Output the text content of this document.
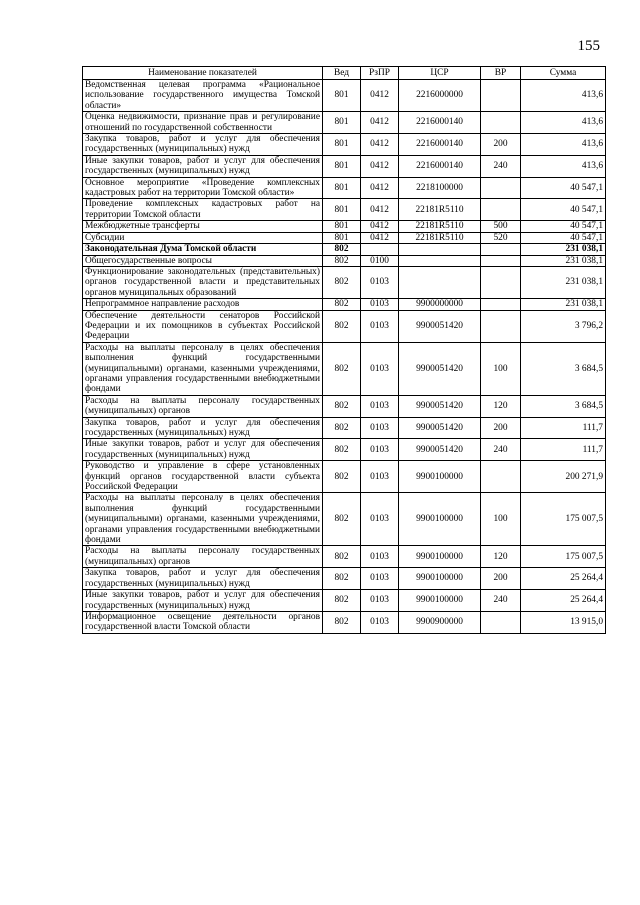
155
Наименование показателей	Вед	РзПР	ЦСР	ВР	Сумма
Ведомственная целевая программа «Рациональное использование государственного имущества Томской области»	801	0412	2216000000		413,6
Оценка недвижимости, признание прав и регулирование отношений по государственной собственности	801	0412	2216000140		413,6
Закупка товаров, работ и услуг для обеспечения государственных (муниципальных) нужд	801	0412	2216000140	200	413,6
Иные закупки товаров, работ и услуг для обеспечения государственных (муниципальных) нужд	801	0412	2216000140	240	413,6
Основное мероприятие «Проведение комплексных кадастровых работ на территории Томской области»	801	0412	2218100000		40 547,1
Проведение комплексных кадастровых работ на территории Томской области	801	0412	22181R5110		40 547,1
Межбюджетные трансферты	801	0412	22181R5110	500	40 547,1
Субсидии	801	0412	22181R5110	520	40 547,1
Законодательная Дума Томской области	802				231 038,1
Общегосударственные вопросы	802	0100			231 038,1
Функционирование законодательных (представительных) органов государственной власти и представительных органов муниципальных образований	802	0103			231 038,1
Непрограммное направление расходов	802	0103	9900000000		231 038,1
Обеспечение деятельности сенаторов Российской Федерации и их помощников в субъектах Российской Федерации	802	0103	9900051420		3 796,2
Расходы на выплаты персоналу в целях обеспечения выполнения функций государственными (муниципальными) органами, казенными учреждениями, органами управления государственными внебюджетными фондами	802	0103	9900051420	100	3 684,5
Расходы на выплаты персоналу государственных (муниципальных) органов	802	0103	9900051420	120	3 684,5
Закупка товаров, работ и услуг для обеспечения государственных (муниципальных) нужд	802	0103	9900051420	200	111,7
Иные закупки товаров, работ и услуг для обеспечения государственных (муниципальных) нужд	802	0103	9900051420	240	111,7
Руководство и управление в сфере установленных функций органов государственной власти субъекта Российской Федерации	802	0103	9900100000		200 271,9
Расходы на выплаты персоналу в целях обеспечения выполнения функций государственными (муниципальными) органами, казенными учреждениями, органами управления государственными внебюджетными фондами	802	0103	9900100000	100	175 007,5
Расходы на выплаты персоналу государственных (муниципальных) органов	802	0103	9900100000	120	175 007,5
Закупка товаров, работ и услуг для обеспечения государственных (муниципальных) нужд	802	0103	9900100000	200	25 264,4
Иные закупки товаров, работ и услуг для обеспечения государственных (муниципальных) нужд	802	0103	9900100000	240	25 264,4
Информационное освещение деятельности органов государственной власти Томской области	802	0103	9900900000		13 915,0
